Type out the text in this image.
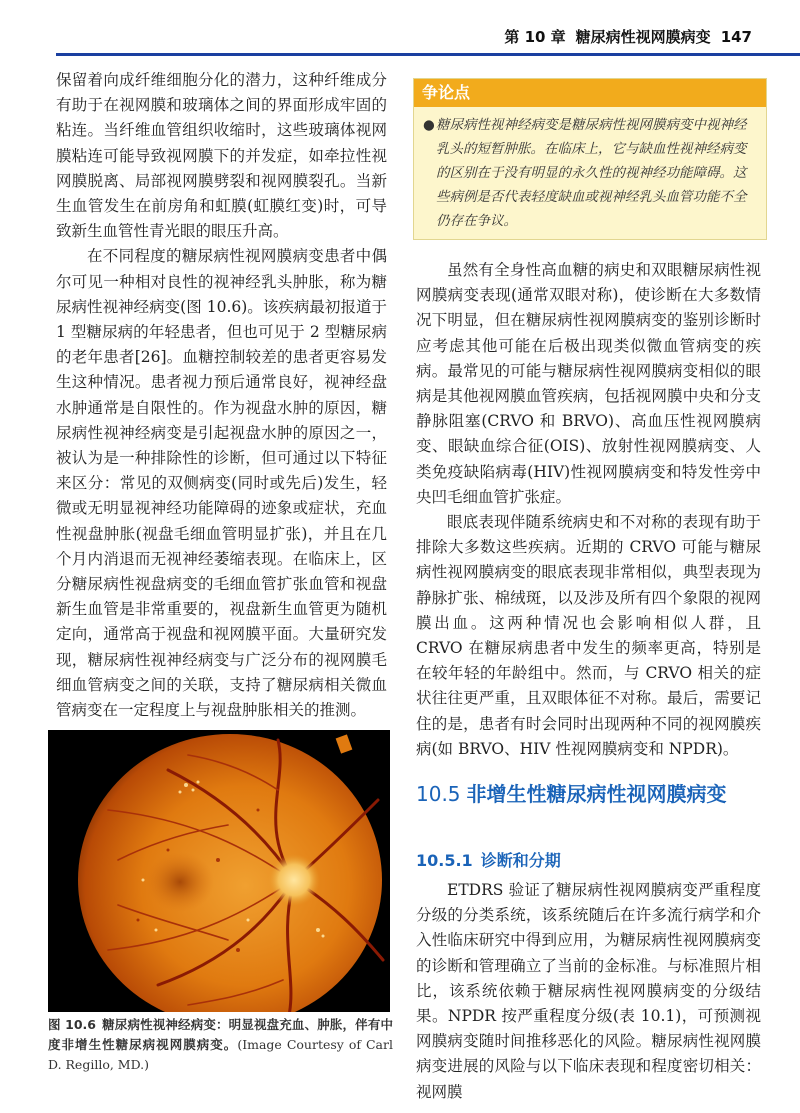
第 10 章 糖尿病性视网膜病变 147

保留着向成纤维细胞分化的潜力，这种纤维成分有助于在视网膜和玻璃体之间的界面形成牢固的粘连。当纤维血管组织收缩时，这些玻璃体视网膜粘连可能导致视网膜下的并发症，如牵拉性视网膜脱离、局部视网膜劈裂和视网膜裂孔。当新生血管发生在前房角和虹膜(虹膜红变)时，可导致新生血管性青光眼的眼压升高。

在不同程度的糖尿病性视网膜病变患者中偶尔可见一种相对良性的视神经乳头肿胀，称为糖尿病性视神经病变(图 10.6)。该疾病最初报道于 1 型糖尿病的年轻患者，但也可见于 2 型糖尿病的老年患者[26]。血糖控制较差的患者更容易发生这种情况。患者视力预后通常良好，视神经盘水肿通常是自限性的。作为视盘水肿的原因，糖尿病性视神经病变是引起视盘水肿的原因之一，被认为是一种排除性的诊断，但可通过以下特征来区分：常见的双侧病变(同时或先后)发生，轻微或无明显视神经功能障碍的迹象或症状，充血性视盘肿胀(视盘毛细血管明显扩张)，并且在几个月内消退而无视神经萎缩表现。在临床上，区分糖尿病性视盘病变的毛细血管扩张血管和视盘新生血管是非常重要的，视盘新生血管更为随机定向，通常高于视盘和视网膜平面。大量研究发现，糖尿病性视神经病变与广泛分布的视网膜毛细血管病变之间的关联，支持了糖尿病相关微血管病变在一定程度上与视盘肿胀相关的推测。

争论点
● 糖尿病性视神经病变是糖尿病性视网膜病变中视神经乳头的短暂肿胀。在临床上，它与缺血性视神经病变的区别在于没有明显的永久性的视神经功能障碍。这些病例是否代表轻度缺血或视神经乳头血管功能不全仍存在争议。

虽然有全身性高血糖的病史和双眼糖尿病性视网膜病变表现(通常双眼对称)，使诊断在大多数情况下明显，但在糖尿病性视网膜病变的鉴别诊断时应考虑其他可能在后极出现类似微血管病变的疾病。最常见的可能与糖尿病性视网膜病变相似的眼病是其他视网膜血管疾病，包括视网膜中央和分支静脉阻塞(CRVO 和 BRVO)、高血压性视网膜病变、眼缺血综合征(OIS)、放射性视网膜病变、人类免疫缺陷病毒(HIV)性视网膜病变和特发性旁中央凹毛细血管扩张症。

眼底表现伴随系统病史和不对称的表现有助于排除大多数这些疾病。近期的 CRVO 可能与糖尿病性视网膜病变的眼底表现非常相似，典型表现为静脉扩张、棉绒斑，以及涉及所有四个象限的视网膜出血。这两种情况也会影响相似人群，且 CRVO 在糖尿病患者中发生的频率更高，特别是在较年轻的年龄组中。然而，与 CRVO 相关的症状往往更严重，且双眼体征不对称。最后，需要记住的是，患者有时会同时出现两种不同的视网膜疾病(如 BRVO、HIV 性视网膜病变和 NPDR)。

图 10.6 糖尿病性视神经病变：明显视盘充血、肿胀，伴有中度非增生性糖尿病视网膜病变。(Image Courtesy of Carl D. Regillo, MD.)
10.5 非增生性糖尿病性视网膜病变
10.5.1 诊断和分期

ETDRS 验证了糖尿病性视网膜病变严重程度分级的分类系统，该系统随后在许多流行病学和介入性临床研究中得到应用，为糖尿病性视网膜病变的诊断和管理确立了当前的金标准。与标准照片相比，该系统依赖于糖尿病性视网膜病变的分级结果。NPDR 按严重程度分级(表 10.1)，可预测视网膜病变随时间推移恶化的风险。糖尿病性视网膜病变进展的风险与以下临床表现和程度密切相关：视网膜
